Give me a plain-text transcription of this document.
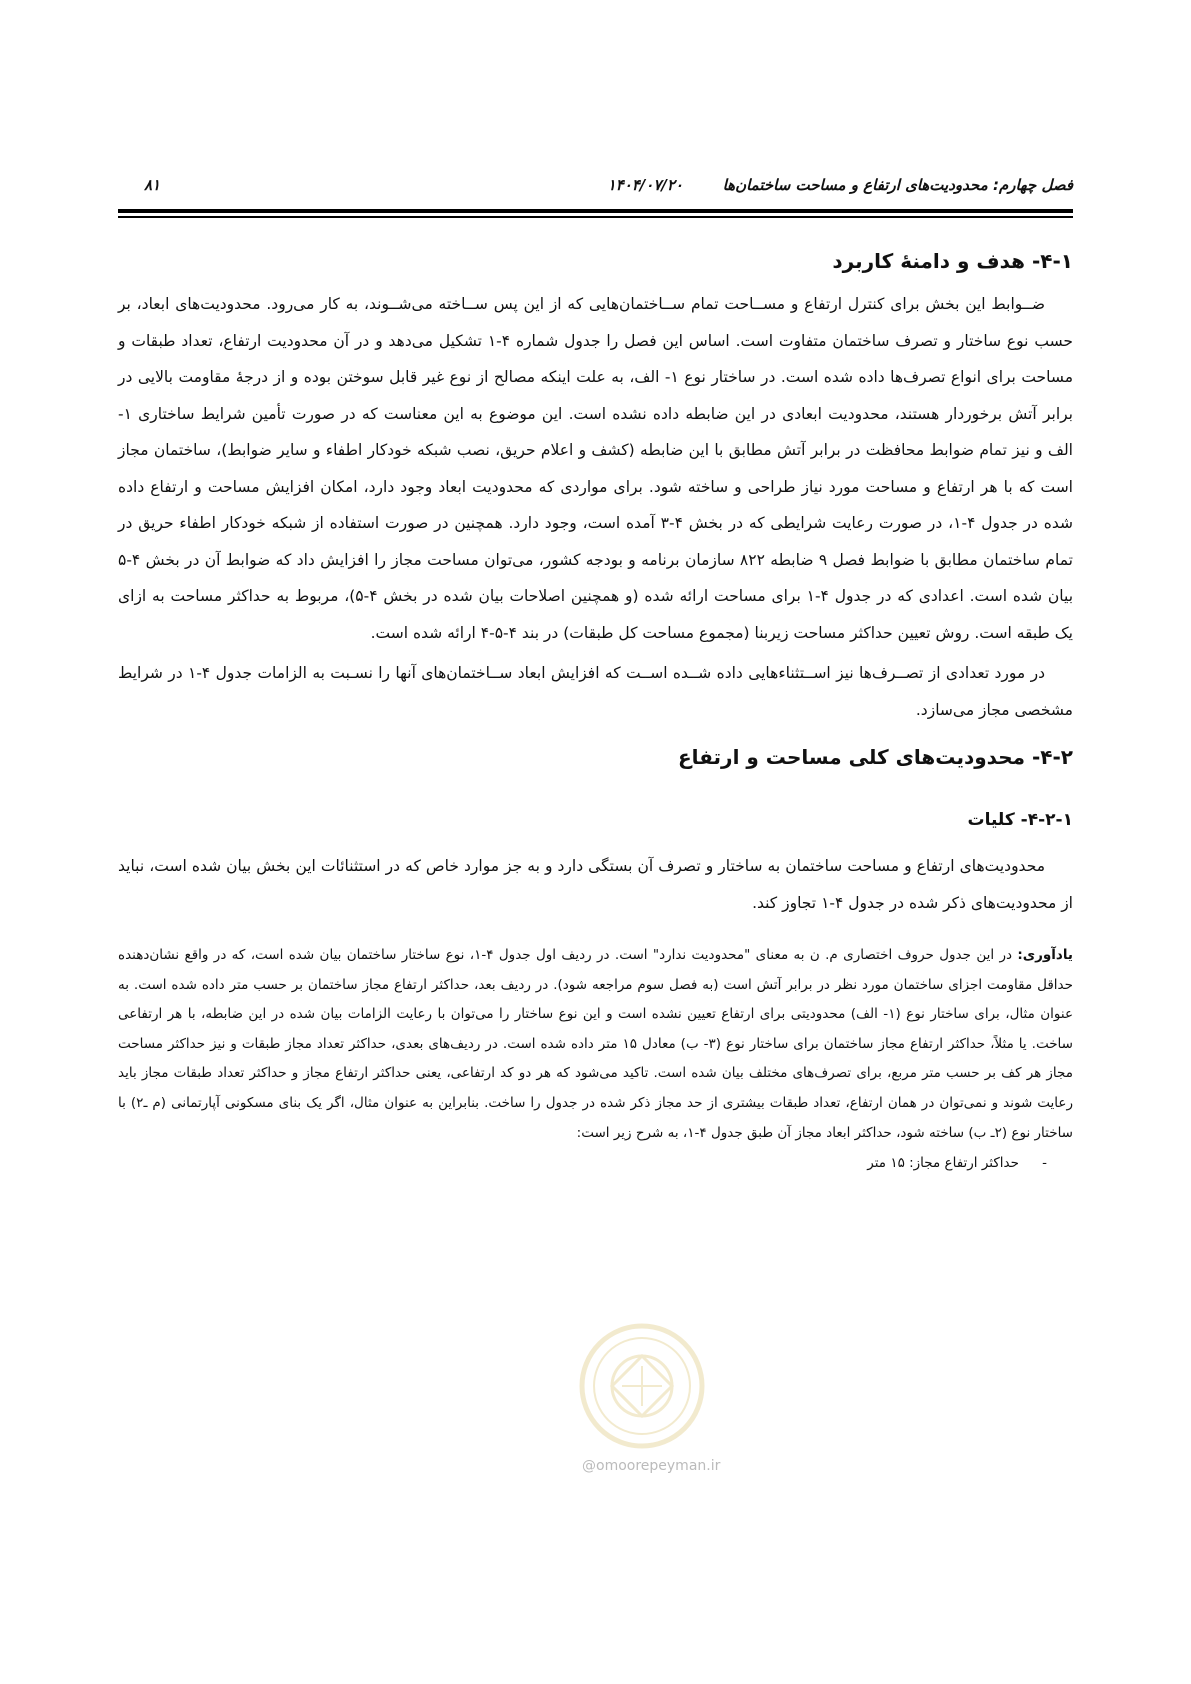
فصل چهارم: محدودیت‌های ارتفاع و مساحت ساختمان‌ها
۱۴۰۴/۰۷/۲۰
۸۱
۴-۱- هدف و دامنۀ کاربرد

ضــوابط این بخش برای کنترل ارتفاع و مســاحت تمام ســاختمان‌هایی که از این پس ســاخته می‌شــوند، به کار می‌رود. محدودیت‌های ابعاد، بر حسب نوع ساختار و تصرف ساختمان متفاوت است. اساس این فصل را جدول شماره ۴-۱ تشکیل می‌دهد و در آن محدودیت ارتفاع، تعداد طبقات و مساحت برای انواع تصرف‌ها داده شده است. در ساختار نوع ۱- الف، به علت اینکه مصالح از نوع غیر قابل سوختن بوده و از درجۀ مقاومت بالایی در برابر آتش برخوردار هستند، محدودیت ابعادی در این ضابطه داده نشده است. این موضوع به این معناست که در صورت تأمین شرایط ساختاری ۱- الف و نیز تمام ضوابط محافظت در برابر آتش مطابق با این ضابطه (کشف و اعلام حریق، نصب شبکه خودکار اطفاء و سایر ضوابط)، ساختمان مجاز است که با هر ارتفاع و مساحت مورد نیاز طراحی و ساخته شود. برای مواردی که محدودیت ابعاد وجود دارد، امکان افزایش مساحت و ارتفاع داده شده در جدول ۴-۱، در صورت رعایت شرایطی که در بخش ۴-۳ آمده است، وجود دارد. همچنین در صورت استفاده از شبکه خودکار اطفاء حریق در تمام ساختمان مطابق با ضوابط فصل ۹ ضابطه ۸۲۲ سازمان برنامه و بودجه کشور، می‌توان مساحت مجاز را افزایش داد که ضوابط آن در بخش ۴-۵ بیان شده است. اعدادی که در جدول ۴-۱ برای مساحت ارائه شده (و همچنین اصلاحات بیان شده در بخش ۴-۵)، مربوط به حداکثر مساحت به ازای یک طبقه است. روش تعیین حداکثر مساحت زیربنا (مجموع مساحت کل طبقات) در بند ۴-۵-۴ ارائه شده است.

در مورد تعدادی از تصــرف‌ها نیز اســتثناءهایی داده شــده اســت که افزایش ابعاد ســاختمان‌های آنها را نسـبت به الزامات جدول ۴-۱ در شرایط مشخصی مجاز می‌سازد.

۴-۲- محدودیت‌های کلی مساحت و ارتفاع
۴-۲-۱- کلیات

محدودیت‌های ارتفاع و مساحت ساختمان به ساختار و تصرف آن بستگی دارد و به جز موارد خاص که در استثنائات این بخش بیان شده است، نباید از محدودیت‌های ذکر شده در جدول ۴-۱ تجاوز کند.

یادآوری: در این جدول حروف اختصاری م. ن به معنای "محدودیت ندارد" است. در ردیف اول جدول ۴-۱، نوع ساختار ساختمان بیان شده است، که در واقع نشان‌دهنده حداقل مقاومت اجزای ساختمان مورد نظر در برابر آتش است (به فصل سوم مراجعه شود). در ردیف بعد، حداکثر ارتفاع مجاز ساختمان بر حسب متر داده شده است. به عنوان مثال، برای ساختار نوع (۱- الف) محدودیتی برای ارتفاع تعیین نشده است و این نوع ساختار را می‌توان با رعایت الزامات بیان شده در این ضابطه، با هر ارتفاعی ساخت. یا مثلاً، حداکثر ارتفاع مجاز ساختمان برای ساختار نوع (۳- ب) معادل ۱۵ متر داده شده است. در ردیف‌های بعدی، حداکثر تعداد مجاز طبقات و نیز حداکثر مساحت مجاز هر کف بر حسب متر مربع، برای تصرف‌های مختلف بیان شده است. تاکید می‌شود که هر دو کد ارتفاعی، یعنی حداکثر ارتفاع مجاز و حداکثر تعداد طبقات مجاز باید رعایت شوند و نمی‌توان در همان ارتفاع، تعداد طبقات بیشتری از حد مجاز ذکر شده در جدول را ساخت. بنابراین به عنوان مثال، اگر یک بنای مسکونی آپارتمانی (م ـ۲) با ساختار نوع (۲ـ ب) ساخته شود، حداکثر ابعاد مجاز آن طبق جدول ۴-۱، به شرح زیر است:

- حداکثر ارتفاع مجاز: ۱۵ متر
@omoorepeyman.ir
